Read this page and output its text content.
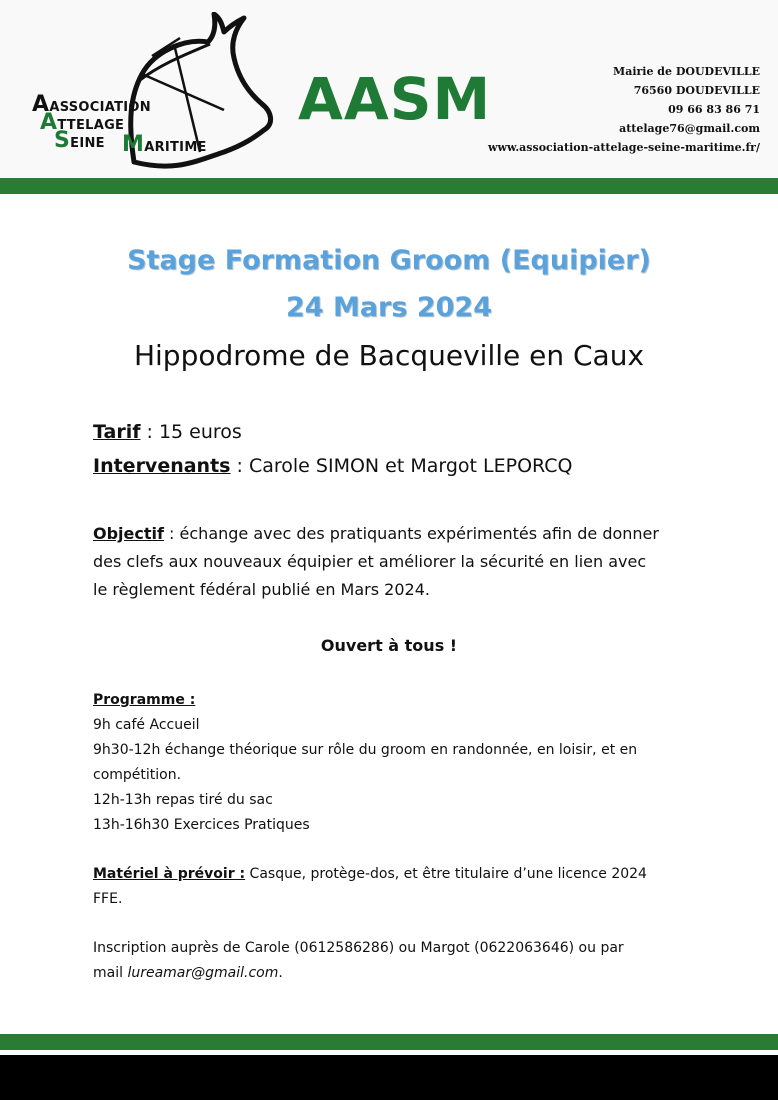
AASSOCIATION
ATTELAGE
SEINE MARITIME
AASM	Mairie de DOUDEVILLE
76560 DOUDEVILLE
09 66 83 86 71
attelage76@gmail.com
www.association-attelage-seine-maritime.fr/
Stage Formation Groom (Equipier)
24 Mars 2024
Hippodrome de Bacqueville en Caux
Tarif : 15 euros
Intervenants : Carole SIMON et Margot LEPORCQ
Objectif : échange avec des pratiquants expérimentés afin de donner
des clefs aux nouveaux équipier et améliorer la sécurité en lien avec
le règlement fédéral publié en Mars 2024.
Ouvert à tous !
Programme :
9h café Accueil
9h30-12h échange théorique sur rôle du groom en randonnée, en loisir, et en
compétition.
12h-13h repas tiré du sac
13h-16h30 Exercices Pratiques
Matériel à prévoir : Casque, protège-dos, et être titulaire d’une licence 2024
FFE.
Inscription auprès de Carole (0612586286) ou Margot (0622063646) ou par
mail lureamar@gmail.com.
